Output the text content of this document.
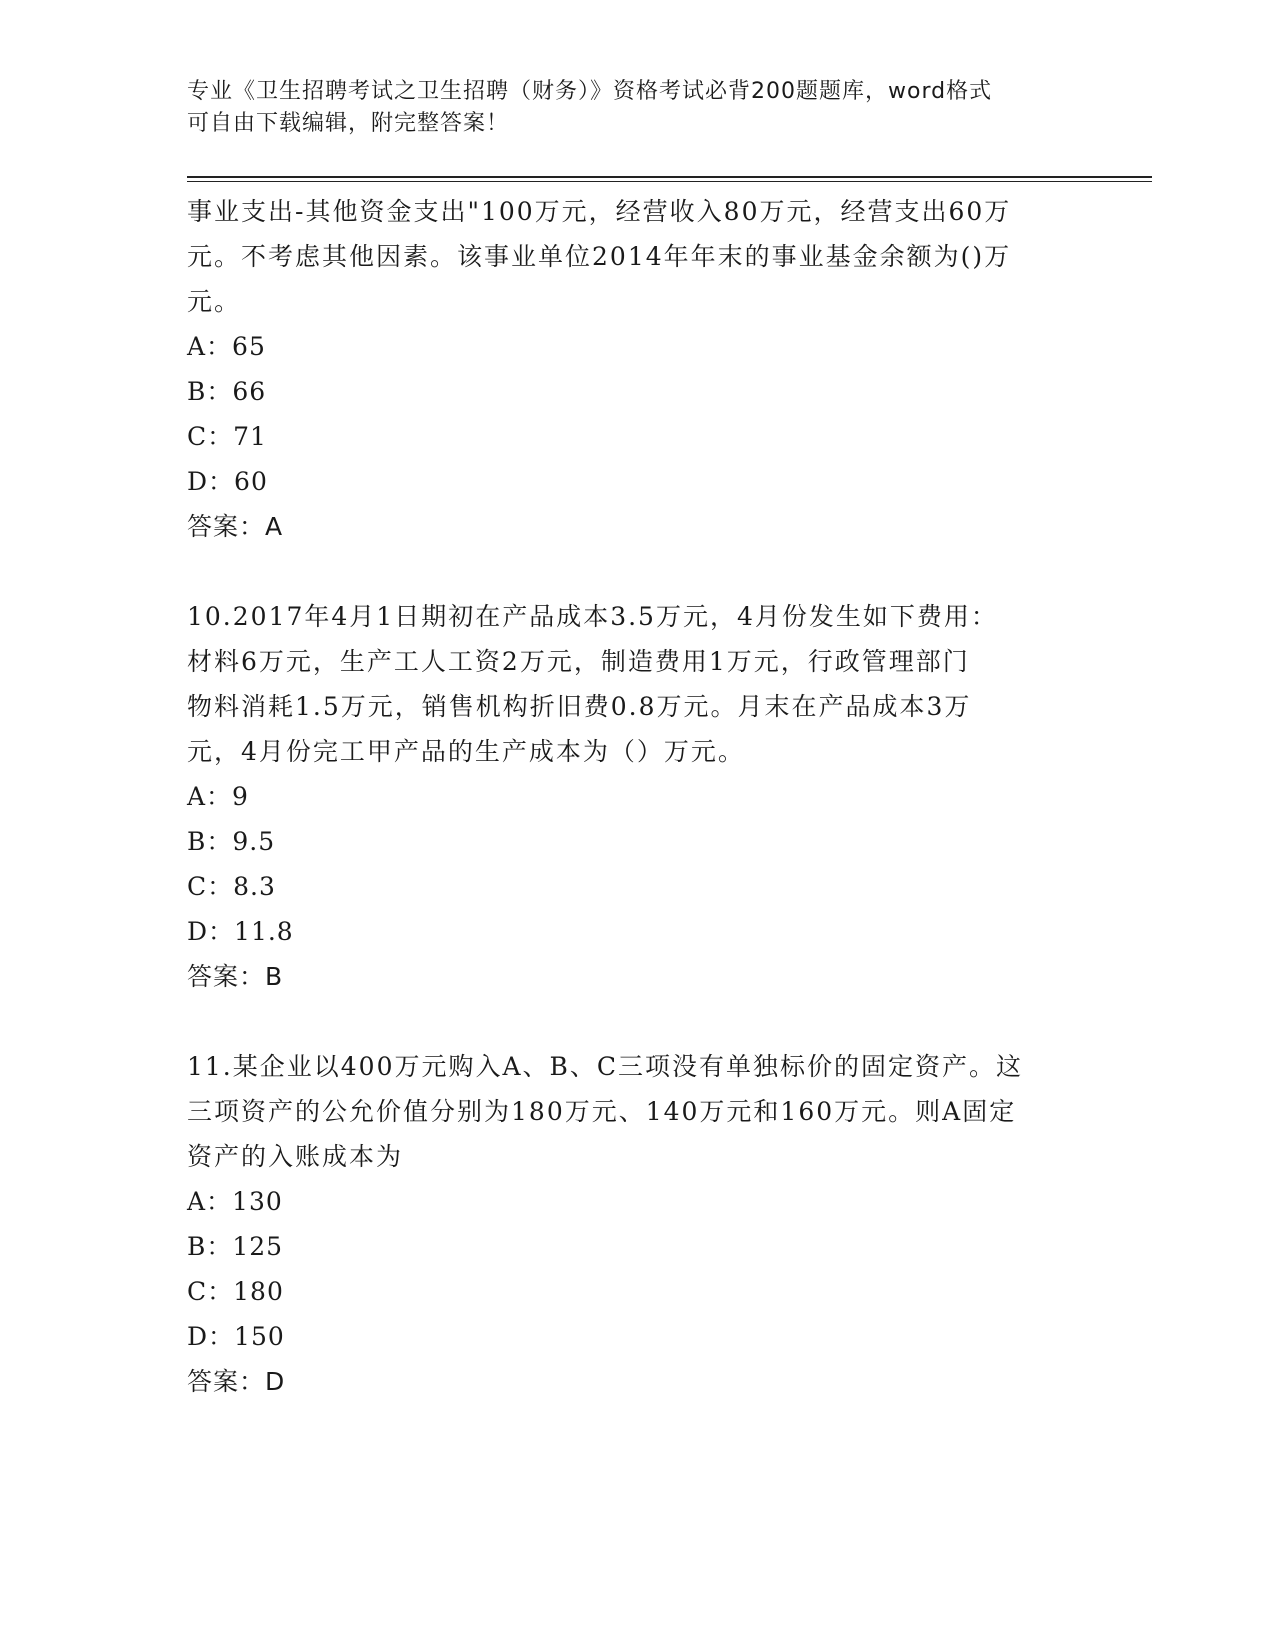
专业《卫生招聘考试之卫生招聘（财务）》资格考试必背200题题库，word格式
可自由下载编辑，附完整答案！
事业支出-其他资金支出"100万元，经营收入80万元，经营支出60万
元。不考虑其他因素。该事业单位2014年年末的事业基金余额为()万
元。
A：65
B：66
C：71
D：60
答案：A
10.2017年4月1日期初在产品成本3.5万元，4月份发生如下费用：
材料6万元，生产工人工资2万元，制造费用1万元，行政管理部门
物料消耗1.5万元，销售机构折旧费0.8万元。月末在产品成本3万
元，4月份完工甲产品的生产成本为（）万元。
A：9
B：9.5
C：8.3
D：11.8
答案：B
11.某企业以400万元购入A、B、C三项没有单独标价的固定资产。这
三项资产的公允价值分别为180万元、140万元和160万元。则A固定
资产的入账成本为
A：130
B：125
C：180
D：150
答案：D
